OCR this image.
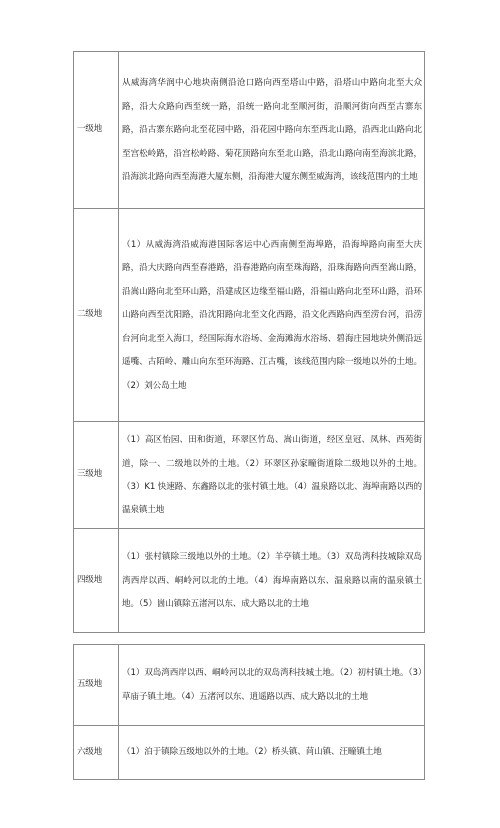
一级地	从威海湾华润中心地块南侧沿沧口路向西至塔山中路，沿塔山中路向北至大众路，沿大众路向西至统一路，沿统一路向北至顺河街，沿顺河街向西至古寨东路，沿古寨东路向北至花园中路，沿花园中路向东至西北山路，沿西北山路向北至宫松岭路，沿宫松岭路、菊花顶路向东至北山路，沿北山路向南至海滨北路，沿海滨北路向西至海港大厦东侧，沿海港大厦东侧至威海湾，该线范围内的土地
二级地	（1）从威海湾沿威海港国际客运中心西南侧至海埠路，沿海埠路向南至大庆路，沿大庆路向西至春港路，沿春港路向南至珠海路，沿珠海路向西至嵩山路，沿嵩山路向北至环山路，沿建成区边缘至福山路，沿福山路向北至环山路，沿环山路向西至沈阳路，沿沈阳路向北至文化西路，沿文化西路向西至涝台河，沿涝台河向北至入海口，经国际海水浴场、金海滩海水浴场、碧海庄园地块外侧沿远遥嘴、古陌岭、雕山向东至环海路、江古嘴，该线范围内除一级地以外的土地。（2）刘公岛土地
三级地	（1）高区怡园、田和街道，环翠区竹岛、嵩山街道，经区皇冠、凤林、西苑街道，除一、二级地以外的土地。（2）环翠区孙家疃街道除二级地以外的土地。（3）K1 快速路、东鑫路以北的张村镇土地。（4）温泉路以北、海埠南路以西的温泉镇土地
四级地	（1）张村镇除三级地以外的土地。（2）羊亭镇土地。（3）双岛湾科技城除双岛湾西岸以西、峒岭河以北的土地。（4）海埠南路以东、温泉路以南的温泉镇土地。（5）崮山镇除五渚河以东、成大路以北的土地
五级地	（1）双岛湾西岸以西、峒岭河以北的双岛湾科技城土地。（2）初村镇土地。（3）草庙子镇土地。（4）五渚河以东、逍遥路以西、成大路以北的土地
六级地	（1）泊于镇除五级地以外的土地。（2）桥头镇、苘山镇、汪疃镇土地
